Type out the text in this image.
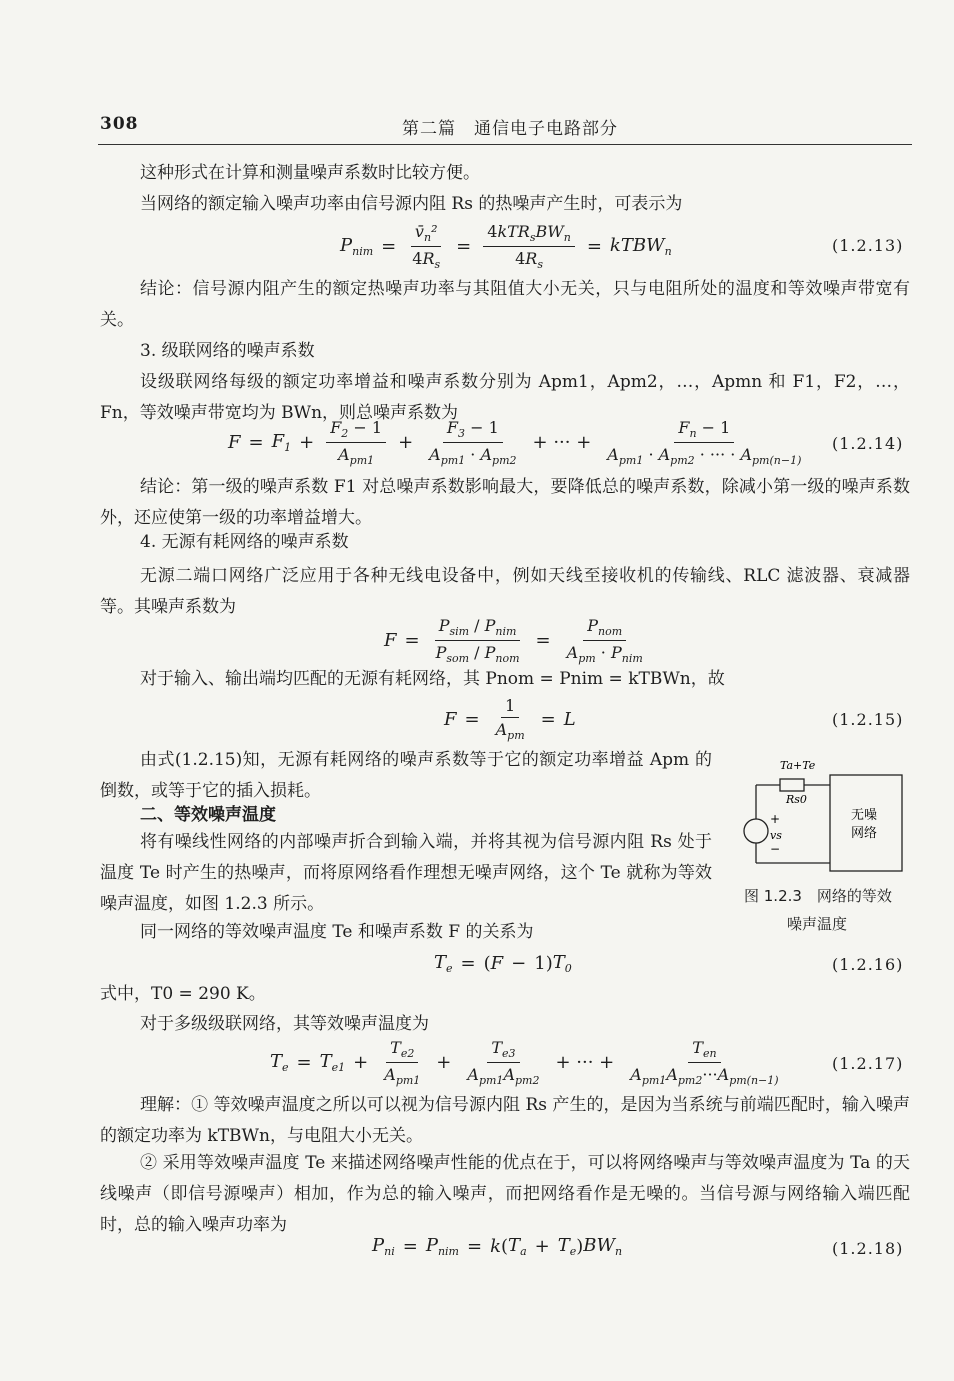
308	第二篇　通信电子电路部分

这种形式在计算和测量噪声系数时比较方便。

当网络的额定输入噪声功率由信号源内阻 Rs 的热噪声产生时，可表示为

$P_{nim} = \frac{v̄_n^2}{4R_s} = \frac{4kTR_sBW_n}{4R_s}$ = kTBW$_n$	(1.2.13)

结论：信号源内阻产生的额定热噪声功率与其阻值大小无关，只与电阻所处的温度和等效噪声带宽有关。

3. 级联网络的噪声系数

设级联网络每级的额定功率增益和噪声系数分别为 Apm1，Apm2，…，Apmn 和 F1，F2，…，Fn，等效噪声带宽均为 BWn，则总噪声系数为

$F = F_1 + \frac{F_2 - 1}{A_{pm1}} + \frac{F_3 - 1}{A_{pm1} \cdot A_{pm2}}$ + ··· + $\frac{F_n - 1}{A_{pm1} \cdot A_{pm2} \cdot \cdot\cdot\cdot \cdot A_{pm(n-1)}} (1.2.14)$

结论：第一级的噪声系数 F1 对总噪声系数影响最大，要降低总的噪声系数，除减小第一级的噪声系数外，还应使第一级的功率增益增大。

4. 无源有耗网络的噪声系数

无源二端口网络广泛应用于各种无线电设备中，例如天线至接收机的传输线、RLC 滤波器、衰减器等。其噪声系数为

$F = \frac{P_{sim} / P_{nim}}{P_{som} / P_{nom}} = \frac{P_{nom}}{A_{pm} \cdot P_{nim}}$

对于输入、输出端均匹配的无源有耗网络，其 Pnom = Pnim = kTBWn，故

$F = \frac{1}{A_{pm}} = L$	(1.2.15)

由式(1.2.15)知，无源有耗网络的噪声系数等于它的额定功率增益 Apm 的倒数，或等于它的插入损耗。

二、等效噪声温度

将有噪线性网络的内部噪声折合到输入端，并将其视为信号源内阻 Rs 处于温度 Te 时产生的热噪声，而将原网络看作理想无噪声网络，这个 Te 就称为等效噪声温度，如图 1.2.3 所示。

Ta+Te
Rs0
+
vs
−
无噪
网络
图 1.2.3　网络的等效
噪声温度

同一网络的等效噪声温度 Te 和噪声系数 F 的关系为

$T_e$ = ( F − 1) $T_0$	(1.2.16)

式中，T0 = 290 K。

对于多级级联网络，其等效噪声温度为

$T_e = T_{e1} + \frac{T_{e2}}{A_{pm1}} + \frac{T_{e3}}{A_{pm1}A_{pm2}}$ + ··· + $\frac{T_{en}}{A_{pm1}A_{pm2}\cdot\cdot\cdot A_{pm(n-1)}}$	(1.2.17)

理解：① 等效噪声温度之所以可以视为信号源内阻 Rs 产生的，是因为当系统与前端匹配时，输入噪声的额定功率为 kTBWn，与电阻大小无关。

② 采用等效噪声温度 Te 来描述网络噪声性能的优点在于，可以将网络噪声与等效噪声温度为 Ta 的天线噪声（即信号源噪声）相加，作为总的输入噪声，而把网络看作是无噪的。当信号源与网络输入端匹配时，总的输入噪声功率为

$P_{ni} = P_{nim} = k$ ( $T_a + T_e$ ) $BW_n$	(1.2.18)
